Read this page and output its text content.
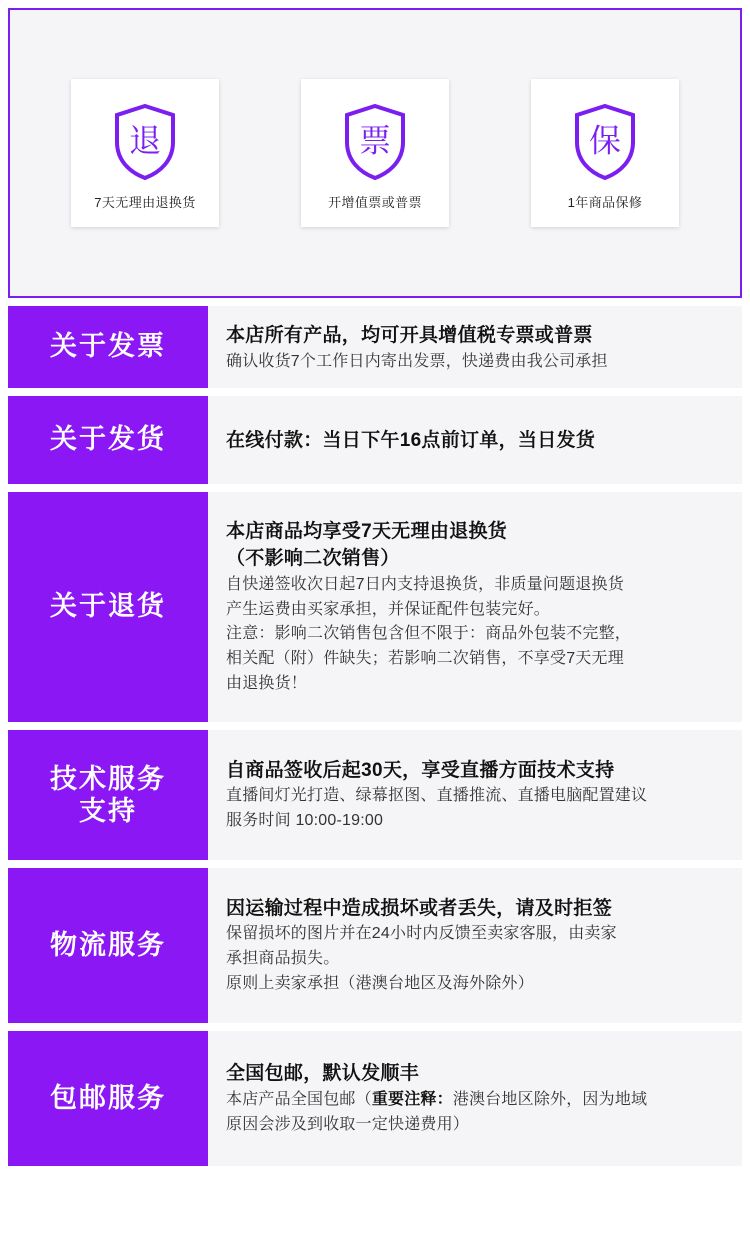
退
7天无理由退换货
票
开增值票或普票
保
1年商品保修
关于发票	本店所有产品，均可开具增值税专票或普票
确认收货7个工作日内寄出发票，快递费由我公司承担
关于发货	在线付款：当日下午16点前订单，当日发货
关于退货
本店商品均享受7天无理由退换货
（不影响二次销售）
自快递签收次日起7日内支持退换货，非质量问题退换货
产生运费由买家承担，并保证配件包装完好。
注意：影响二次销售包含但不限于：商品外包装不完整，
相关配（附）件缺失；若影响二次销售，不享受7天无理
由退换货！
技术服务
支持
自商品签收后起30天，享受直播方面技术支持
直播间灯光打造、绿幕抠图、直播推流、直播电脑配置建议
服务时间 10:00-19:00
物流服务
因运输过程中造成损坏或者丢失，请及时拒签
保留损坏的图片并在24小时内反馈至卖家客服，由卖家
承担商品损失。
原则上卖家承担（港澳台地区及海外除外）
包邮服务
全国包邮，默认发顺丰
本店产品全国包邮（重要注释：港澳台地区除外，因为地域
原因会涉及到收取一定快递费用）
